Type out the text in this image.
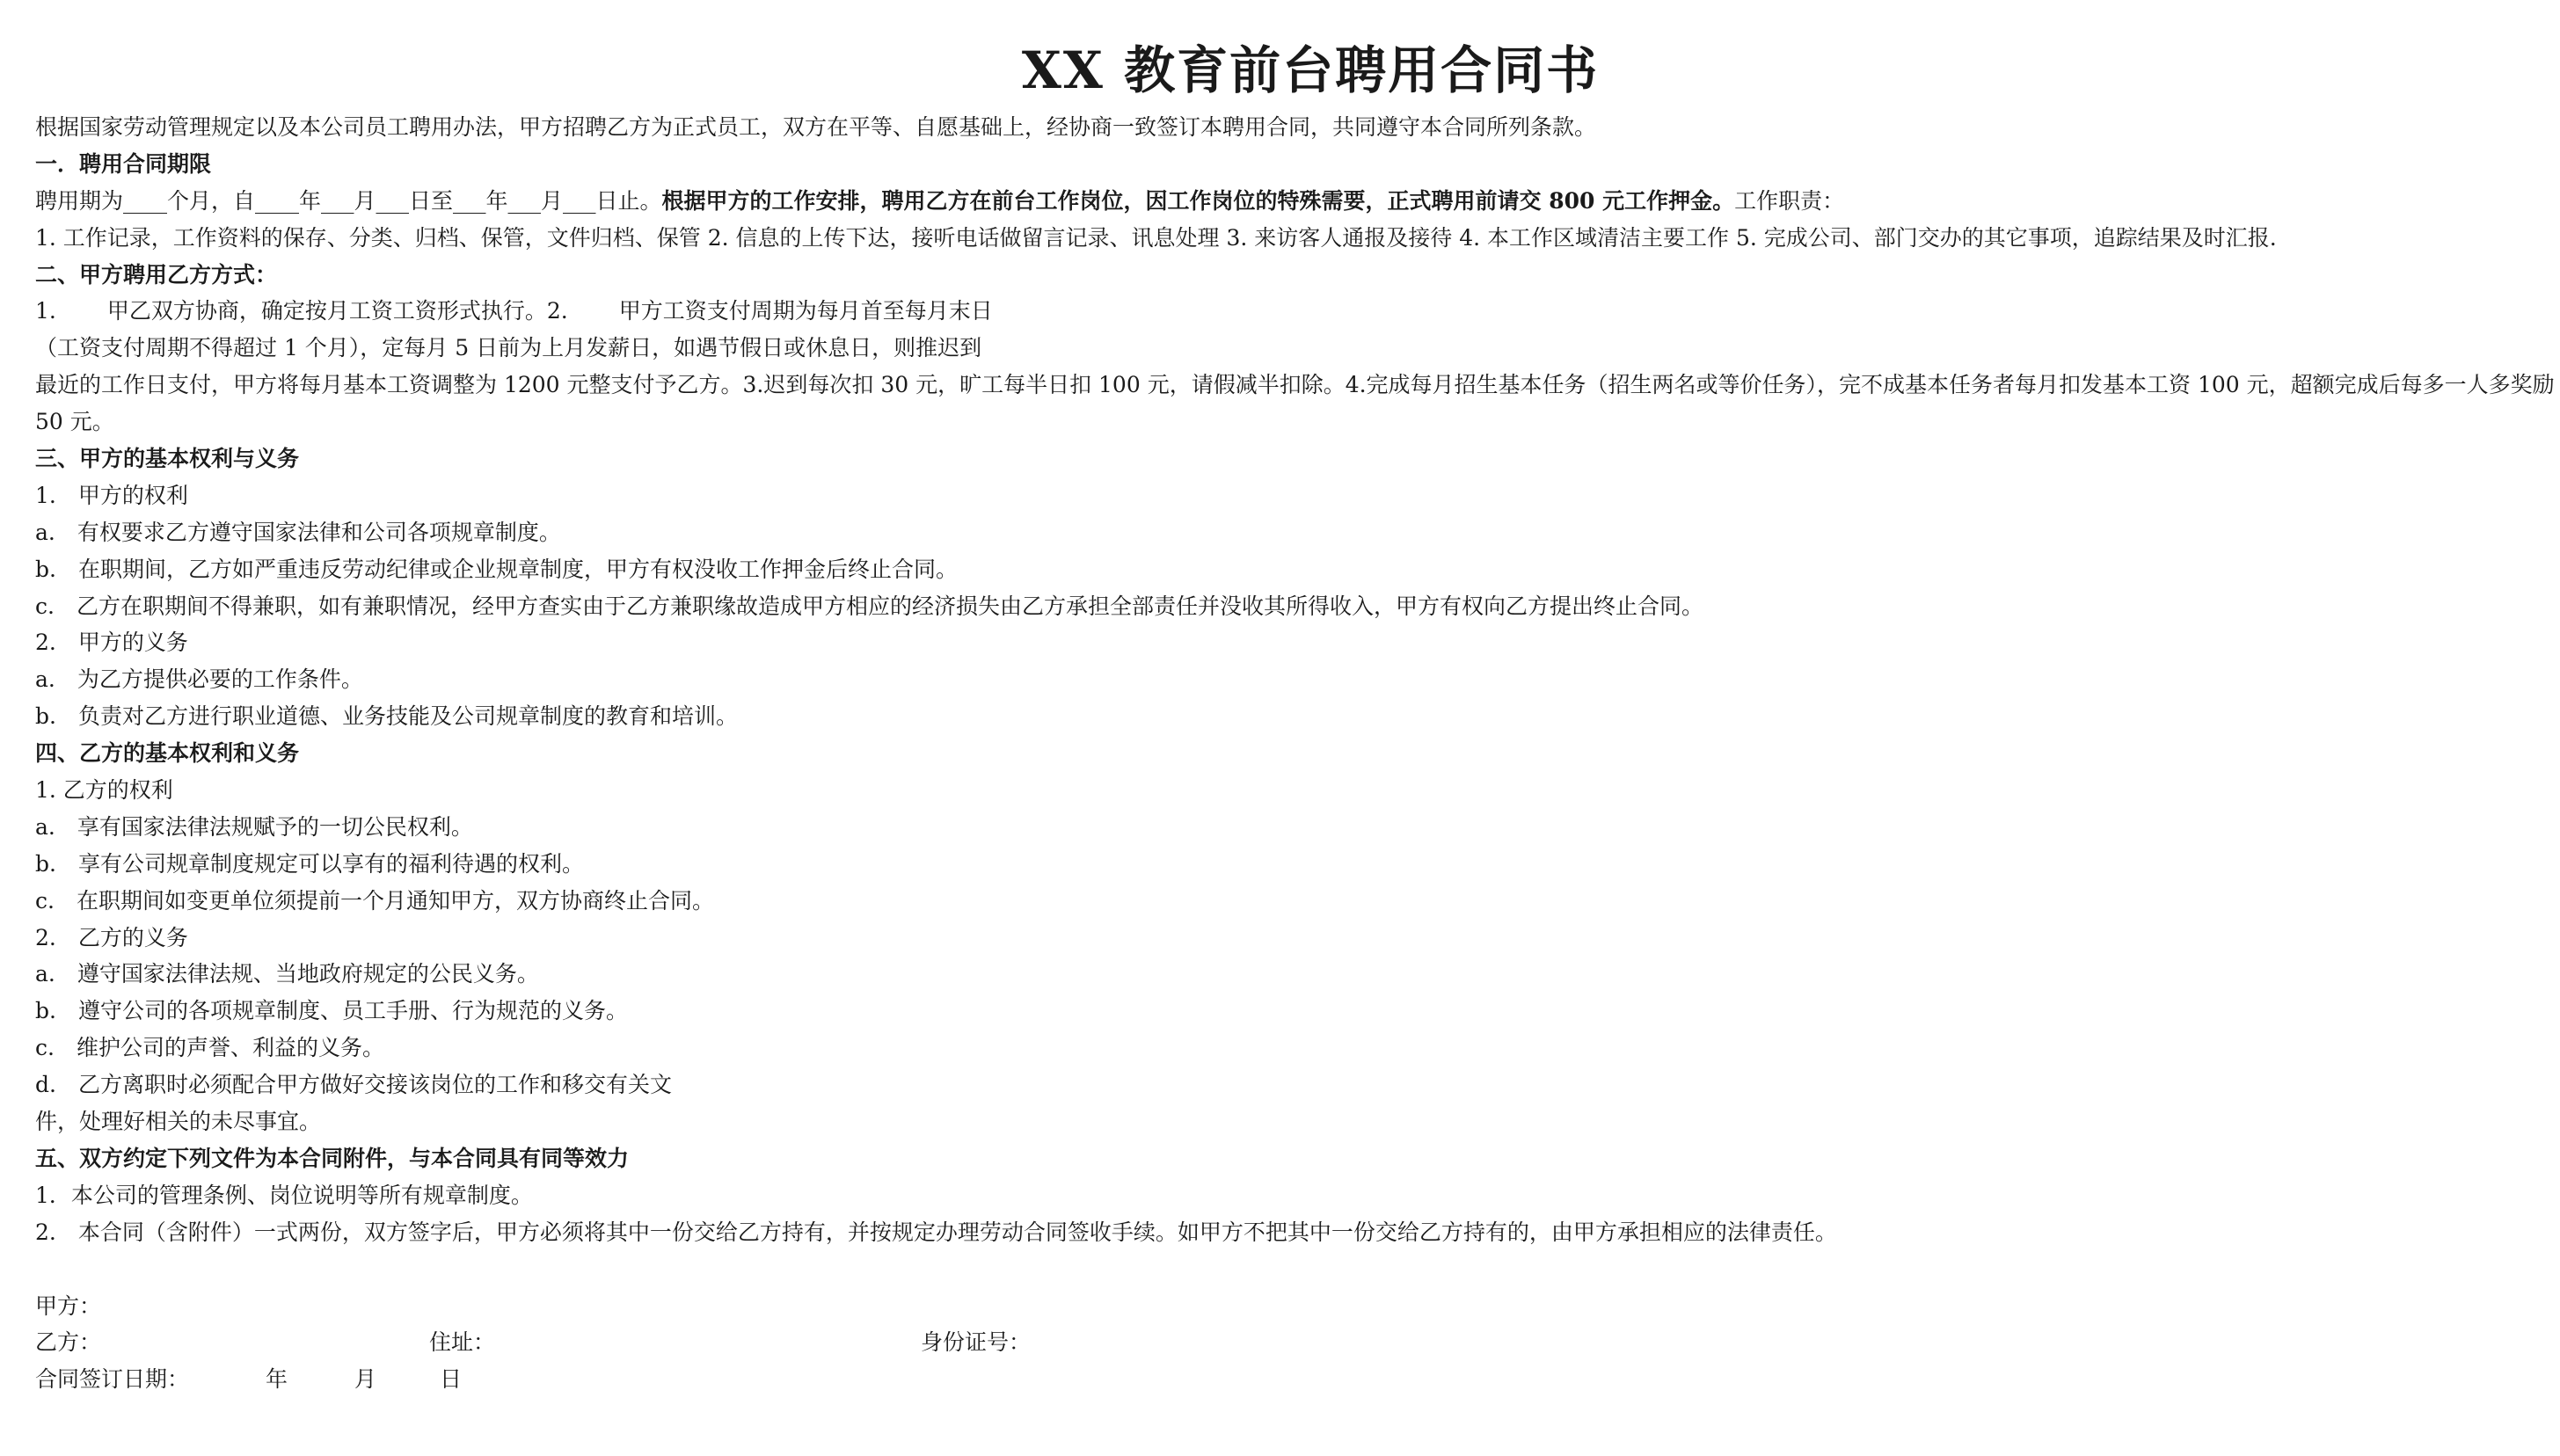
XX 教育前台聘用合同书
根据国家劳动管理规定以及本公司员工聘用办法，甲方招聘乙方为正式员工，双方在平等、自愿基础上，经协商一致签订本聘用合同，共同遵守本合同所列条款。
一．聘用合同期限
聘用期为____个月，自____年___月___日至___年___月___日止。根据甲方的工作安排，聘用乙方在前台工作岗位，因工作岗位的特殊需要，正式聘用前请交 800 元工作押金。工作职责：
1. 工作记录，工作资料的保存、分类、归档、保管，文件归档、保管 2. 信息的上传下达，接听电话做留言记录、讯息处理 3. 来访客人通报及接待 4. 本工作区域清洁主要工作 5. 完成公司、部门交办的其它事项，追踪结果及时汇报.
二、甲方聘用乙方方式：
1. 甲乙双方协商，确定按月工资工资形式执行。2. 甲方工资支付周期为每月首至每月末日
（工资支付周期不得超过 1 个月），定每月 5 日前为上月发薪日，如遇节假日或休息日，则推迟到
最近的工作日支付，甲方将每月基本工资调整为 1200 元整支付予乙方。3.迟到每次扣 30 元，旷工每半日扣 100 元，请假减半扣除。4.完成每月招生基本任务（招生两名或等价任务），完不成基本任务者每月扣发基本工资 100 元，超额完成后每多一人多奖励
50 元。
三、甲方的基本权利与义务
1.　甲方的权利
a.　有权要求乙方遵守国家法律和公司各项规章制度。
b.　在职期间，乙方如严重违反劳动纪律或企业规章制度，甲方有权没收工作押金后终止合同。
c.　乙方在职期间不得兼职，如有兼职情况，经甲方查实由于乙方兼职缘故造成甲方相应的经济损失由乙方承担全部责任并没收其所得收入，甲方有权向乙方提出终止合同。
2.　甲方的义务
a.　为乙方提供必要的工作条件。
b.　负责对乙方进行职业道德、业务技能及公司规章制度的教育和培训。
四、乙方的基本权利和义务
1. 乙方的权利
a.　享有国家法律法规赋予的一切公民权利。
b.　享有公司规章制度规定可以享有的福利待遇的权利。
c.　在职期间如变更单位须提前一个月通知甲方，双方协商终止合同。
2.　乙方的义务
a.　遵守国家法律法规、当地政府规定的公民义务。
b.　遵守公司的各项规章制度、员工手册、行为规范的义务。
c.　维护公司的声誉、利益的义务。
d.　乙方离职时必须配合甲方做好交接该岗位的工作和移交有关文
件，处理好相关的未尽事宜。
五、双方约定下列文件为本合同附件，与本合同具有同等效力
1．本公司的管理条例、岗位说明等所有规章制度。
2.　本合同（含附件）一式两份，双方签字后，甲方必须将其中一份交给乙方持有，并按规定办理劳动合同签收手续。如甲方不把其中一份交给乙方持有的，由甲方承担相应的法律责任。
甲方：
乙方：	住址：	身份证号：
合同签订日期：	年	月	日
